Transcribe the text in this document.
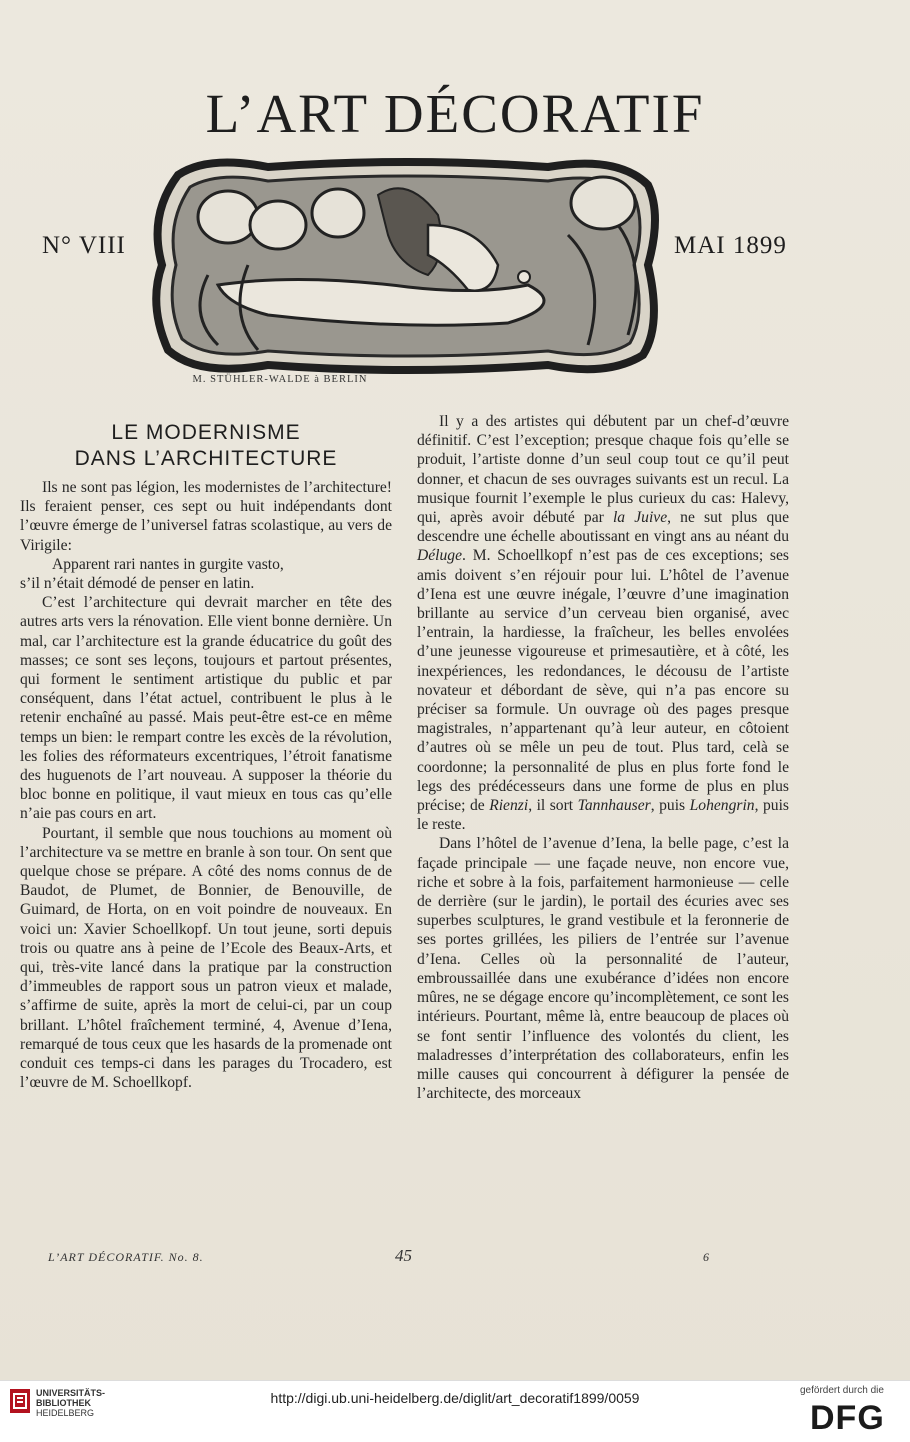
L’ART DÉCORATIF
N° VIII	MAI 1899
M. STÜHLER-WALDE à BERLIN
LE MODERNISME
DANS L’ARCHITECTURE

Ils ne sont pas légion, les modernistes de l’architecture! Ils feraient penser, ces sept ou huit indépendants dont l’œuvre émerge de l’universel fatras scolastique, au vers de Virigile:

Apparent rari nantes in gurgite vasto,

s’il n’était démodé de penser en latin.

C’est l’architecture qui devrait marcher en tête des autres arts vers la rénovation. Elle vient bonne dernière. Un mal, car l’architecture est la grande éducatrice du goût des masses; ce sont ses leçons, toujours et partout présentes, qui forment le sentiment artistique du public et par conséquent, dans l’état actuel, contribuent le plus à le retenir enchaîné au passé. Mais peut-être est-ce en même temps un bien: le rempart contre les excès de la révolution, les folies des réformateurs excentriques, l’étroit fanatisme des huguenots de l’art nouveau. A supposer la théorie du bloc bonne en politique, il vaut mieux en tous cas qu’elle n’aie pas cours en art.

Pourtant, il semble que nous touchions au moment où l’architecture va se mettre en branle à son tour. On sent que quelque chose se prépare. A côté des noms connus de de Baudot, de Plumet, de Bonnier, de Benouville, de Guimard, de Horta, on en voit poindre de nouveaux. En voici un: Xavier Schoellkopf. Un tout jeune, sorti depuis trois ou quatre ans à peine de l’Ecole des Beaux-Arts, et qui, très-vite lancé dans la pratique par la construction d’immeubles de rapport sous un patron vieux et malade, s’affirme de suite, après la mort de celui-ci, par un coup brillant. L’hôtel fraîchement terminé, 4, Avenue d’Iena, remarqué de tous ceux que les hasards de la promenade ont conduit ces temps-ci dans les parages du Trocadero, est l’œuvre de M. Schoellkopf.

Il y a des artistes qui débutent par un chef-d’œuvre définitif. C’est l’exception; presque chaque fois qu’elle se produit, l’artiste donne d’un seul coup tout ce qu’il peut donner, et chacun de ses ouvrages suivants est un recul. La musique fournit l’exemple le plus curieux du cas: Halevy, qui, après avoir débuté par la Juive, ne sut plus que descendre une échelle aboutissant en vingt ans au néant du Déluge. M. Schoellkopf n’est pas de ces exceptions; ses amis doivent s’en réjouir pour lui. L’hôtel de l’avenue d’Iena est une œuvre inégale, l’œuvre d’une imagination brillante au service d’un cerveau bien organisé, avec l’entrain, la hardiesse, la fraîcheur, les belles envolées d’une jeunesse vigoureuse et primesautière, et à côté, les inexpériences, les redondances, le décousu de l’artiste novateur et débordant de sève, qui n’a pas encore su préciser sa formule. Un ouvrage où des pages presque magistrales, n’appartenant qu’à leur auteur, en côtoient d’autres où se mêle un peu de tout. Plus tard, celà se coordonne; la personnalité de plus en plus forte fond le legs des prédécesseurs dans une forme de plus en plus précise; de Rienzi, il sort Tannhauser, puis Lohengrin, puis le reste.

Dans l’hôtel de l’avenue d’Iena, la belle page, c’est la façade principale — une façade neuve, non encore vue, riche et sobre à la fois, parfaitement harmonieuse — celle de derrière (sur le jardin), le portail des écuries avec ses superbes sculptures, le grand vestibule et la feronnerie de ses portes grillées, les piliers de l’entrée sur l’avenue d’Iena. Celles où la personnalité de l’auteur, embroussaillée dans une exubérance d’idées non encore mûres, ne se dégage encore qu’incomplètement, ce sont les intérieurs. Pourtant, même là, entre beaucoup de places où se font sentir l’influence des volontés du client, les maladresses d’interprétation des collaborateurs, enfin les mille causes qui concourrent à défigurer la pensée de l’architecte, des morceaux

L’ART DÉCORATIF. No. 8.	45	6
UNIVERSITÄTS-
BIBLIOTHEK
HEIDELBERG
http://digi.ub.uni-heidelberg.de/diglit/art_decoratif1899/0059	gefördert durch die
DFG
